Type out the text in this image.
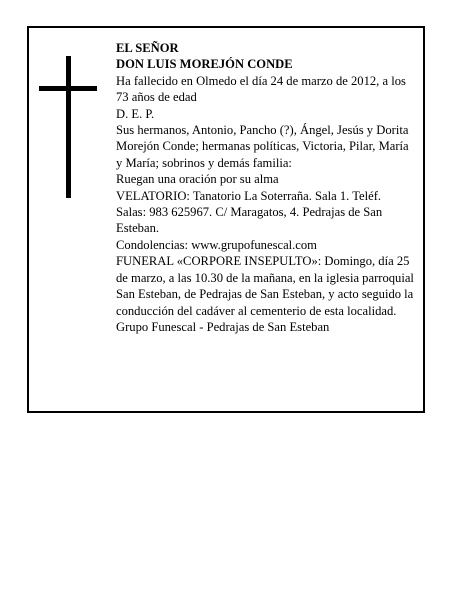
EL SEÑOR

DON LUIS MOREJÓN CONDE

Ha fallecido en Olmedo el día 24 de marzo de 2012, a los 73 años de edad

D. E. P.

Sus hermanos, Antonio, Pancho (?), Ángel, Jesús y Dorita Morejón Conde; hermanas políticas, Victoria, Pilar, María y María; sobrinos y demás familia:

Ruegan una oración por su alma

VELATORIO: Tanatorio La Soterraña. Sala 1. Teléf. Salas: 983 625967. C/ Maragatos, 4. Pedrajas de San Esteban.

Condolencias: www.grupofunescal.com

FUNERAL «CORPORE INSEPULTO»: Domingo, día 25 de marzo, a las 10.30 de la mañana, en la iglesia parroquial San Esteban, de Pedrajas de San Esteban, y acto seguido la conducción del cadáver al cementerio de esta localidad.

Grupo Funescal - Pedrajas de San Esteban
